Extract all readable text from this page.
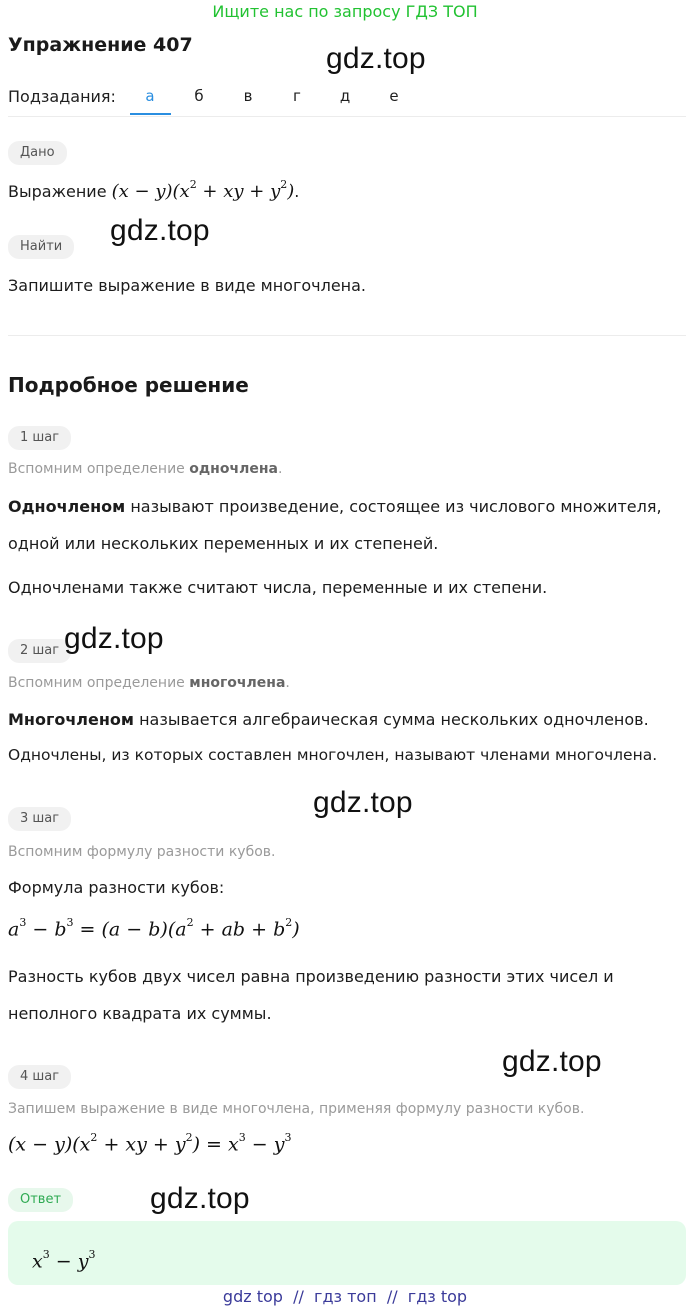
Ищите нас по запросу ГДЗ ТОП
Упражнение 407	gdz.top
Подзадания:	а	б	в	г	д	е
Дано
Выражение $(x - y)(x^2$ + xy + $y^2$).
Найти	gdz.top
Запишите выражение в виде многочлена.
Подробное решение
1 шаг
Вспомним определение одночлена.
Одночленом называют произведение, состоящее из числового множителя,
одной или нескольких переменных и их степеней.
Одночленами также считают числа, переменные и их степени.
2 шаг gdz.top
Вспомним определение многочлена.
Многочленом называется алгебраическая сумма нескольких одночленов.
Одночлены, из которых составлен многочлен, называют членами многочлена.
gdz.top
3 шаг
Вспомним формулу разности кубов.
Формула разности кубов:
$a^3 - b^3 = (a - b)(a^2$ + ab + $b^2$)
Разность кубов двух чисел равна произведению разности этих чисел и
неполного квадрата их суммы.
gdz.top
4 шаг
Запишем выражение в виде многочлена, применяя формулу разности кубов.
$(x - y)(x^2$ + xy + $y^2) = x^3 - y^3$
Ответ	gdz.top
$x^3 - y^3$
gdz top  //  гдз топ  //  гдз top
